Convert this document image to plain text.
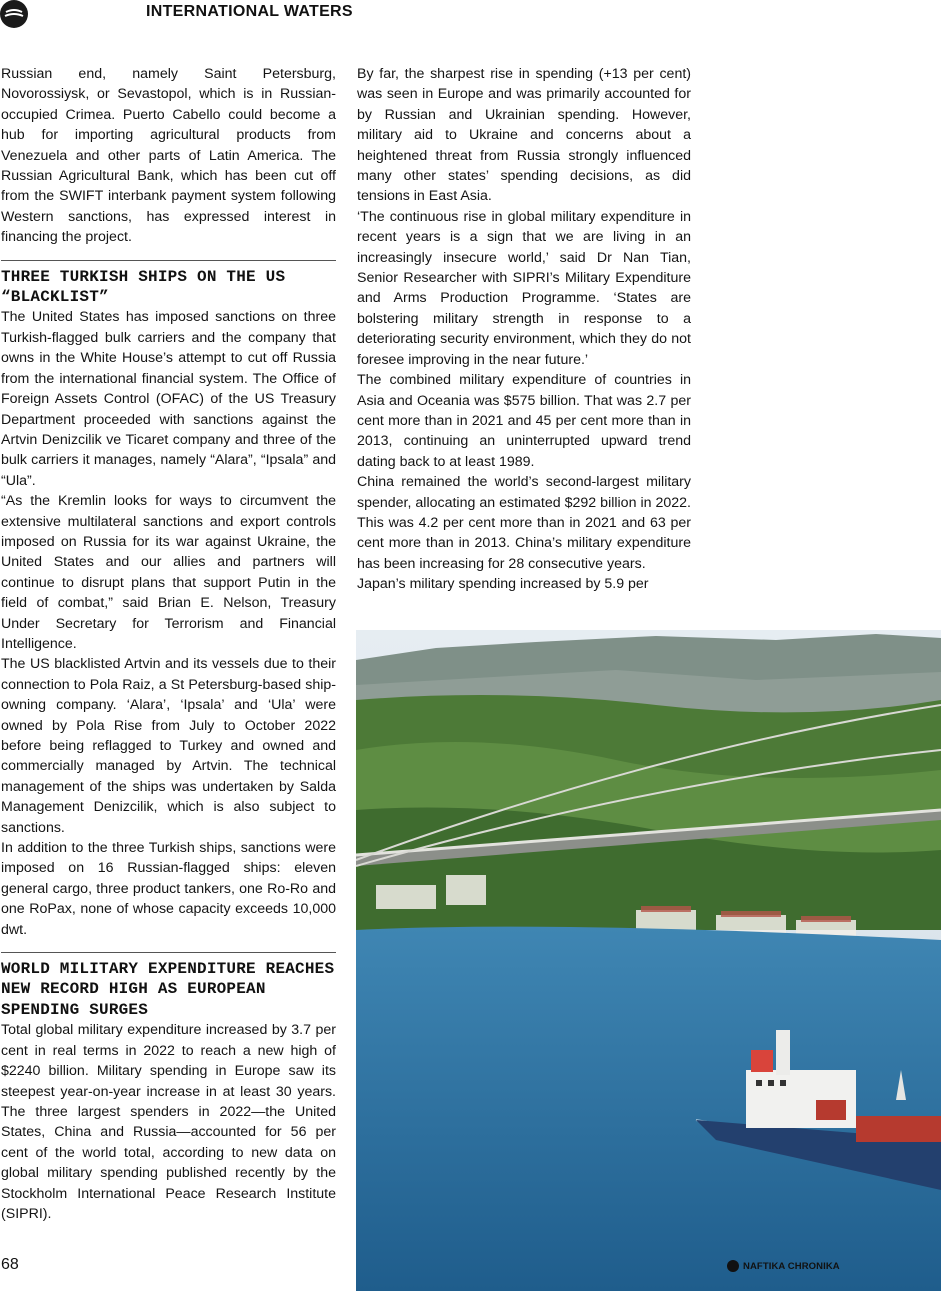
INTERNATIONAL WATERS

Russian end, namely Saint Petersburg, Novorossiysk, or Sevastopol, which is in Russian-occupied Crimea. Puerto Cabello could become a hub for importing agricultural products from Venezuela and other parts of Latin America. The Russian Agricultural Bank, which has been cut off from the SWIFT interbank payment system following Western sanctions, has expressed interest in financing the project.

THREE TURKISH SHIPS ON THE US “BLACKLIST”

The United States has imposed sanctions on three Turkish-flagged bulk carriers and the company that owns in the White House’s attempt to cut off Russia from the international financial system. The Office of Foreign Assets Control (OFAC) of the US Treasury Department proceeded with sanctions against the Artvin Denizcilik ve Ticaret company and three of the bulk carriers it manages, namely “Alara”, “Ipsala” and “Ula”.

“As the Kremlin looks for ways to circumvent the extensive multilateral sanctions and export controls imposed on Russia for its war against Ukraine, the United States and our allies and partners will continue to disrupt plans that support Putin in the field of combat,” said Brian E. Nelson, Treasury Under Secretary for Terrorism and Financial Intelligence.

The US blacklisted Artvin and its vessels due to their connection to Pola Raiz, a St Petersburg-based ship-owning company. ‘Alara’, ‘Ipsala’ and ‘Ula’ were owned by Pola Rise from July to October 2022 before being reflagged to Turkey and owned and commercially managed by Artvin. The technical management of the ships was undertaken by Salda Management Denizcilik, which is also subject to sanctions.

In addition to the three Turkish ships, sanctions were imposed on 16 Russian-flagged ships: eleven general cargo, three product tankers, one Ro-Ro and one RoPax, none of whose capacity exceeds 10,000 dwt.

WORLD MILITARY EXPENDITURE REACHES NEW RECORD HIGH AS EUROPEAN SPENDING SURGES

Total global military expenditure increased by 3.7 per cent in real terms in 2022 to reach a new high of $2240 billion. Military spending in Europe saw its steepest year-on-year increase in at least 30 years. The three largest spenders in 2022—the United States, China and Russia—accounted for 56 per cent of the world total, according to new data on global military spending published recently by the Stockholm International Peace Research Institute (SIPRI).

By far, the sharpest rise in spending (+13 per cent) was seen in Europe and was primarily accounted for by Russian and Ukrainian spending. However, military aid to Ukraine and concerns about a heightened threat from Russia strongly influenced many other states’ spending decisions, as did tensions in East Asia.

‘The continuous rise in global military expenditure in recent years is a sign that we are living in an increasingly insecure world,’ said Dr Nan Tian, Senior Researcher with SIPRI’s Military Expenditure and Arms Production Programme. ‘States are bolstering military strength in response to a deteriorating security environment, which they do not foresee improving in the near future.’

The combined military expenditure of countries in Asia and Oceania was $575 billion. That was 2.7 per cent more than in 2021 and 45 per cent more than in 2013, continuing an uninterrupted upward trend dating back to at least 1989.

China remained the world’s second-largest military spender, allocating an estimated $292 billion in 2022. This was 4.2 per cent more than in 2021 and 63 per cent more than in 2013. China’s military expenditure has been increasing for 28 consecutive years.

Japan’s military spending increased by 5.9 per

68	NAFTIKA CHRONIKA
